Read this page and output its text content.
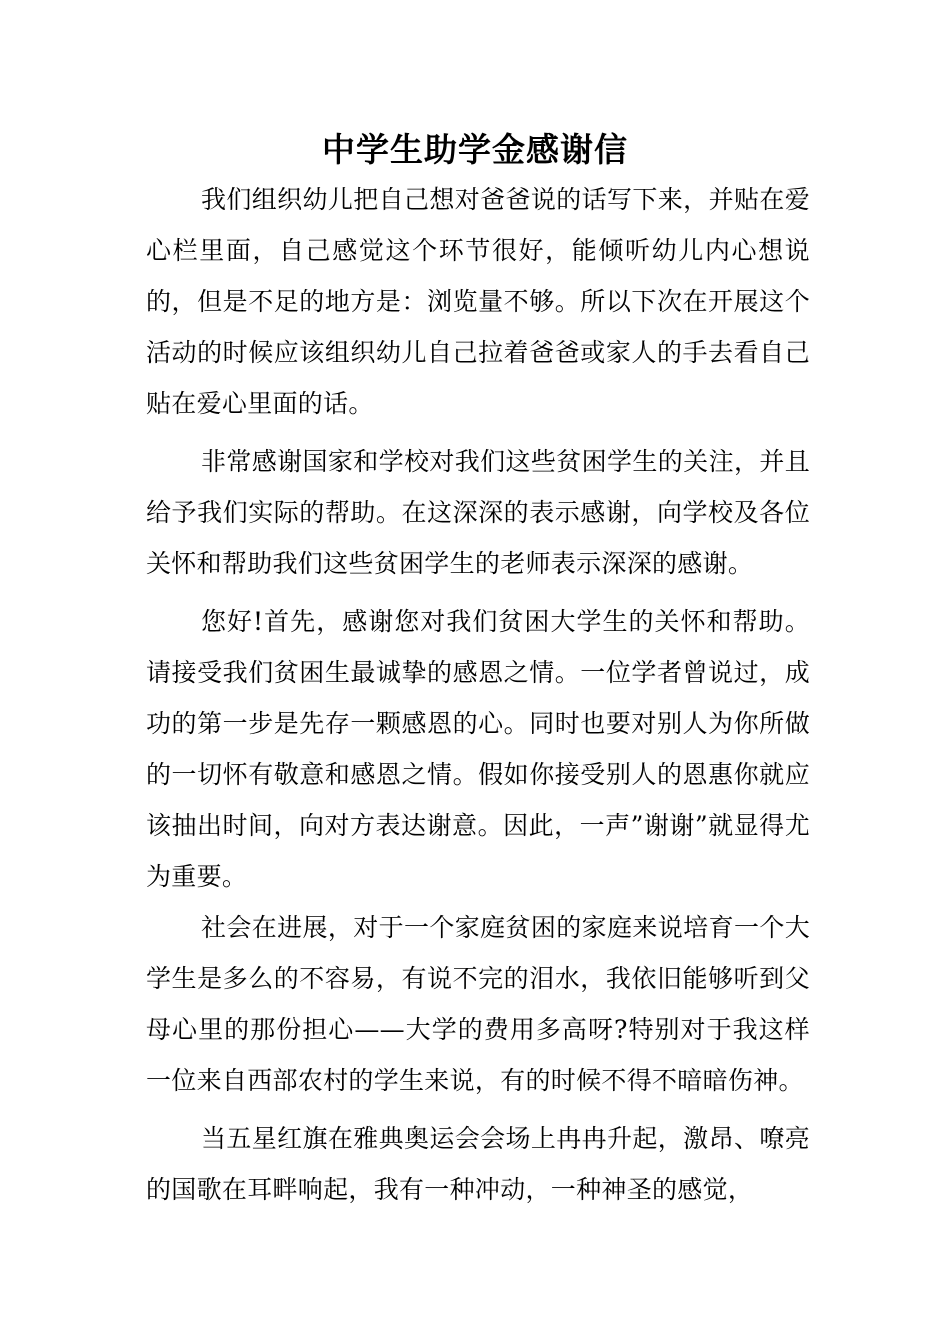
中学生助学金感谢信

我们组织幼儿把自己想对爸爸说的话写下来，并贴在爱心栏里面，自己感觉这个环节很好，能倾听幼儿内心想说的，但是不足的地方是：浏览量不够。所以下次在开展这个活动的时候应该组织幼儿自己拉着爸爸或家人的手去看自己贴在爱心里面的话。

非常感谢国家和学校对我们这些贫困学生的关注，并且给予我们实际的帮助。在这深深的表示感谢，向学校及各位关怀和帮助我们这些贫困学生的老师表示深深的感谢。

您好!首先，感谢您对我们贫困大学生的关怀和帮助。请接受我们贫困生最诚挚的感恩之情。一位学者曾说过，成功的第一步是先存一颗感恩的心。同时也要对别人为你所做的一切怀有敬意和感恩之情。假如你接受别人的恩惠你就应该抽出时间，向对方表达谢意。因此，一声”谢谢”就显得尤为重要。

社会在进展，对于一个家庭贫困的家庭来说培育一个大学生是多么的不容易，有说不完的泪水，我依旧能够听到父母心里的那份担心——大学的费用多高呀?特别对于我这样一位来自西部农村的学生来说，有的时候不得不暗暗伤神。

当五星红旗在雅典奥运会会场上冉冉升起，激昂、嘹亮的国歌在耳畔响起，我有一种冲动，一种神圣的感觉，
